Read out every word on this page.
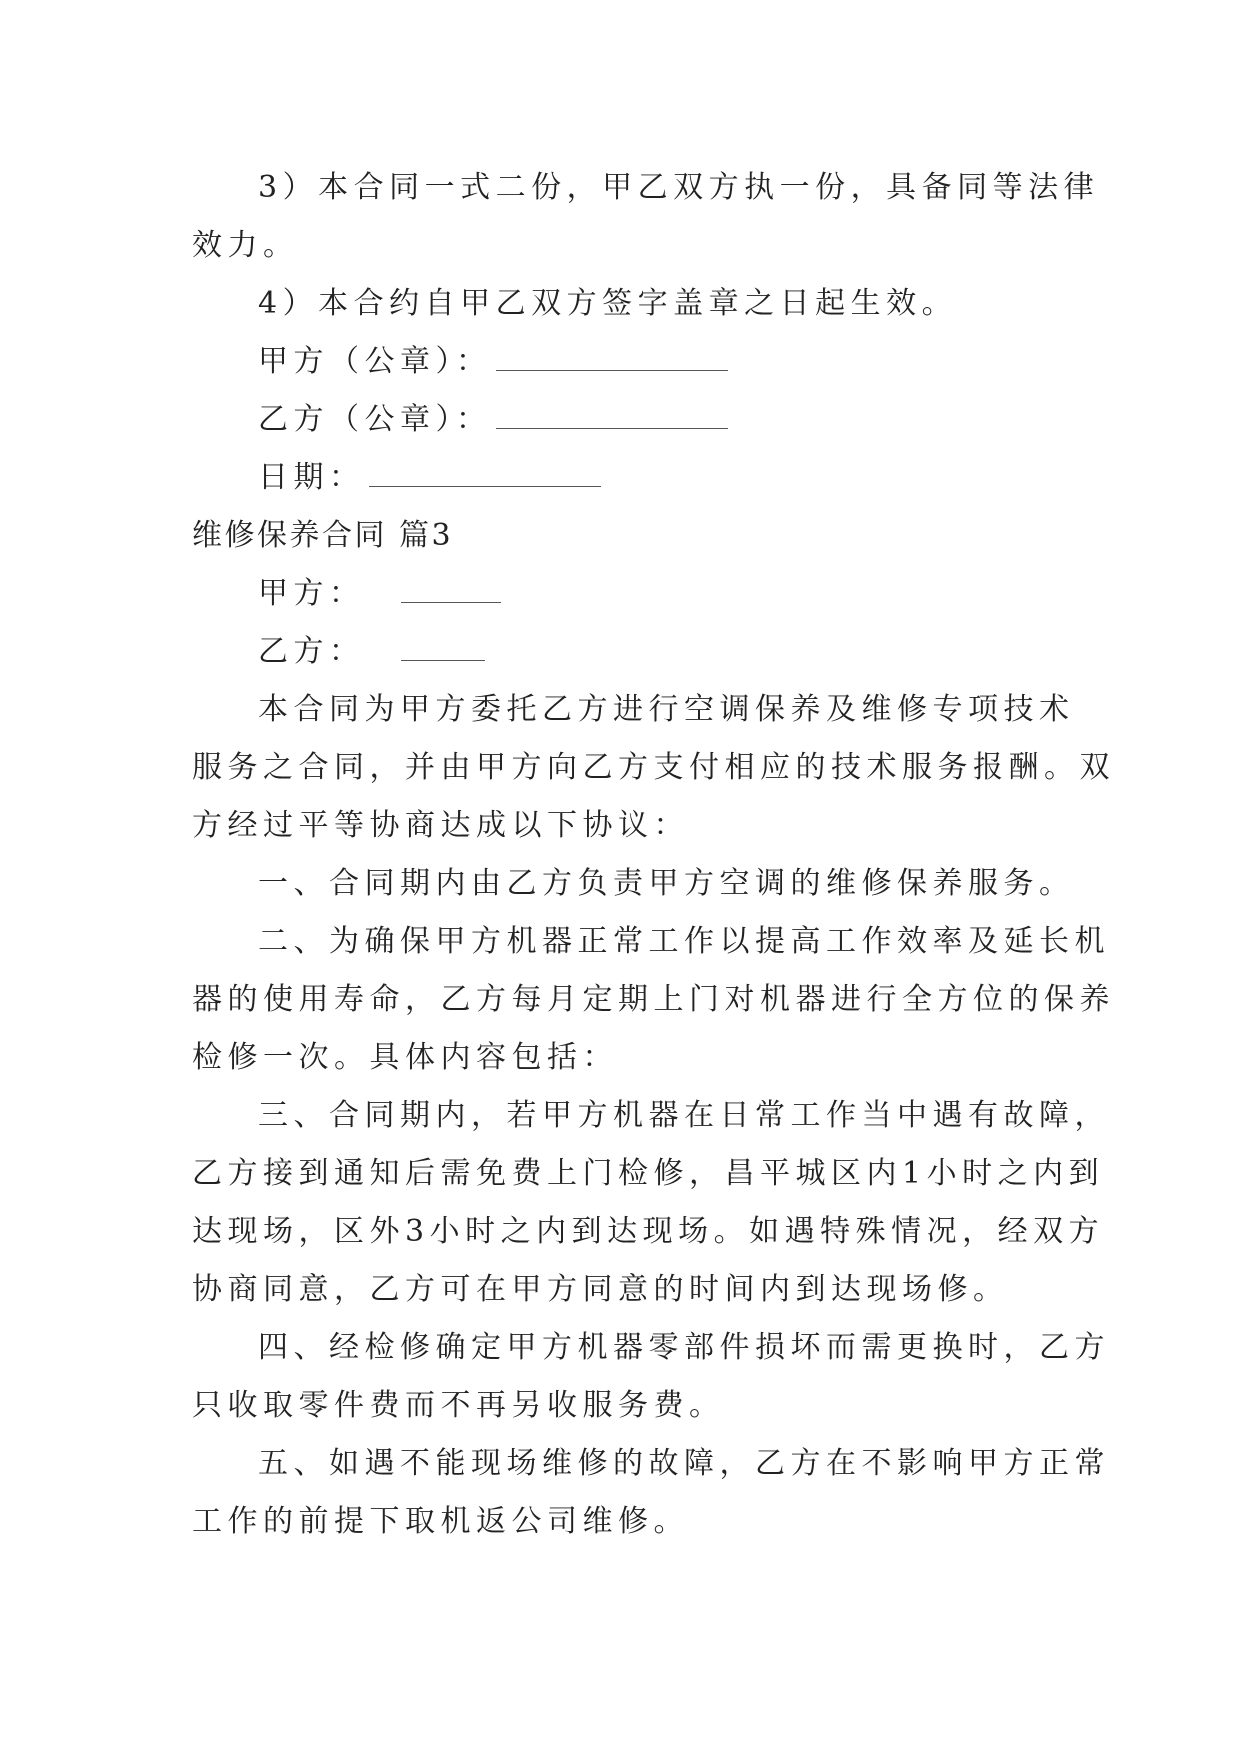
3）本合同一式二份，甲乙双方执一份，具备同等法律
效力。
4）本合约自甲乙双方签字盖章之日起生效。
甲方（公章）：
乙方（公章）：
日期：
维修保养合同 篇3
甲方：
乙方：
本合同为甲方委托乙方进行空调保养及维修专项技术
服务之合同，并由甲方向乙方支付相应的技术服务报酬。双
方经过平等协商达成以下协议：
一、合同期内由乙方负责甲方空调的维修保养服务。
二、为确保甲方机器正常工作以提高工作效率及延长机
器的使用寿命，乙方每月定期上门对机器进行全方位的保养
检修一次。具体内容包括：
三、合同期内，若甲方机器在日常工作当中遇有故障，
乙方接到通知后需免费上门检修，昌平城区内1小时之内到
达现场，区外3小时之内到达现场。如遇特殊情况，经双方
协商同意，乙方可在甲方同意的时间内到达现场修。
四、经检修确定甲方机器零部件损坏而需更换时，乙方
只收取零件费而不再另收服务费。
五、如遇不能现场维修的故障，乙方在不影响甲方正常
工作的前提下取机返公司维修。
